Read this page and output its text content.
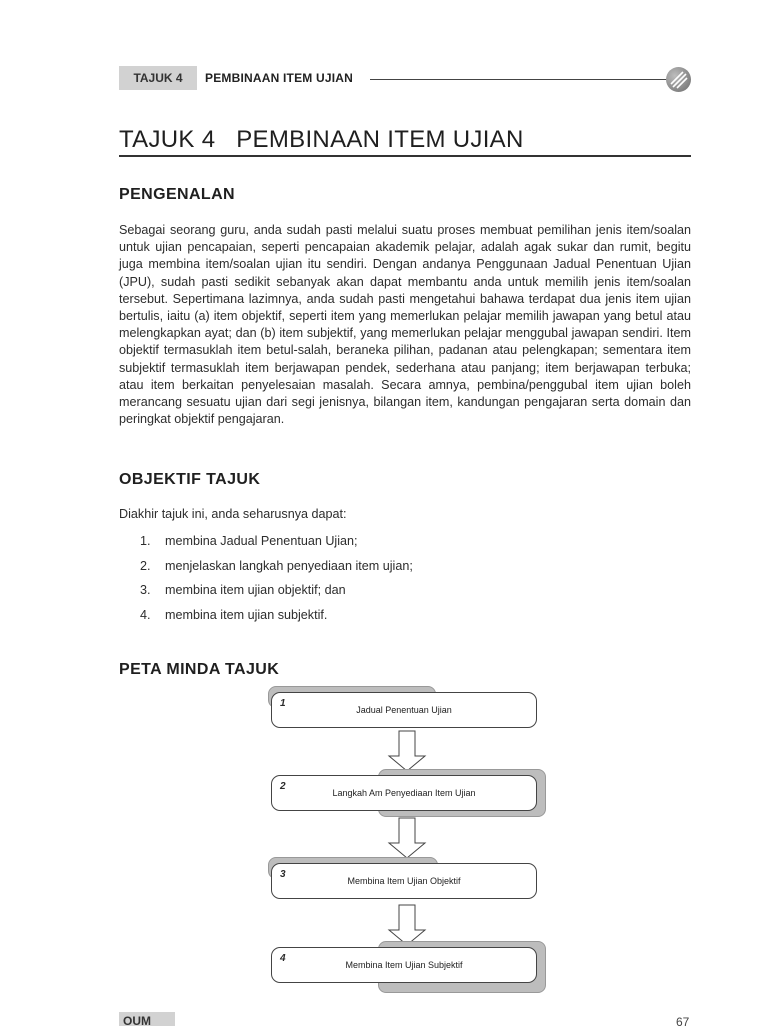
TAJUK 4	PEMBINAAN ITEM UJIAN
TAJUK 4 PEMBINAAN ITEM UJIAN
PENGENALAN
Sebagai seorang guru, anda sudah pasti melalui suatu proses membuat pemilihan jenis item/soalan untuk ujian pencapaian, seperti pencapaian akademik pelajar, adalah agak sukar dan rumit, begitu juga membina item/soalan ujian itu sendiri. Dengan andanya Penggunaan Jadual Penentuan Ujian (JPU), sudah pasti sedikit sebanyak akan dapat membantu anda untuk memilih jenis item/soalan tersebut. Sepertimana lazimnya, anda sudah pasti mengetahui bahawa terdapat dua jenis item ujian bertulis, iaitu (a) item objektif, seperti item yang memerlukan pelajar memilih jawapan yang betul atau melengkapkan ayat; dan (b) item subjektif, yang memerlukan pelajar menggubal jawapan sendiri. Item objektif termasuklah item betul-salah, beraneka pilihan, padanan atau pelengkapan; sementara item subjektif termasuklah item berjawapan pendek, sederhana atau panjang; item berjawapan terbuka; atau item berkaitan penyelesaian masalah. Secara amnya, pembina/penggubal item ujian boleh merancang sesuatu ujian dari segi jenisnya, bilangan item, kandungan pengajaran serta domain dan peringkat objektif pengajaran.
OBJEKTIF TAJUK
Diakhir tajuk ini, anda seharusnya dapat:
1.	membina Jadual Penentuan Ujian;
2.	menjelaskan langkah penyediaan item ujian;
3.	membina item ujian objektif; dan
4.	membina item ujian subjektif.
PETA MINDA TAJUK
1
Jadual Penentuan Ujian
2
Langkah Am Penyediaan Item Ujian
3
Membina Item Ujian Objektif
4
Membina Item Ujian Subjektif
OUM	67
